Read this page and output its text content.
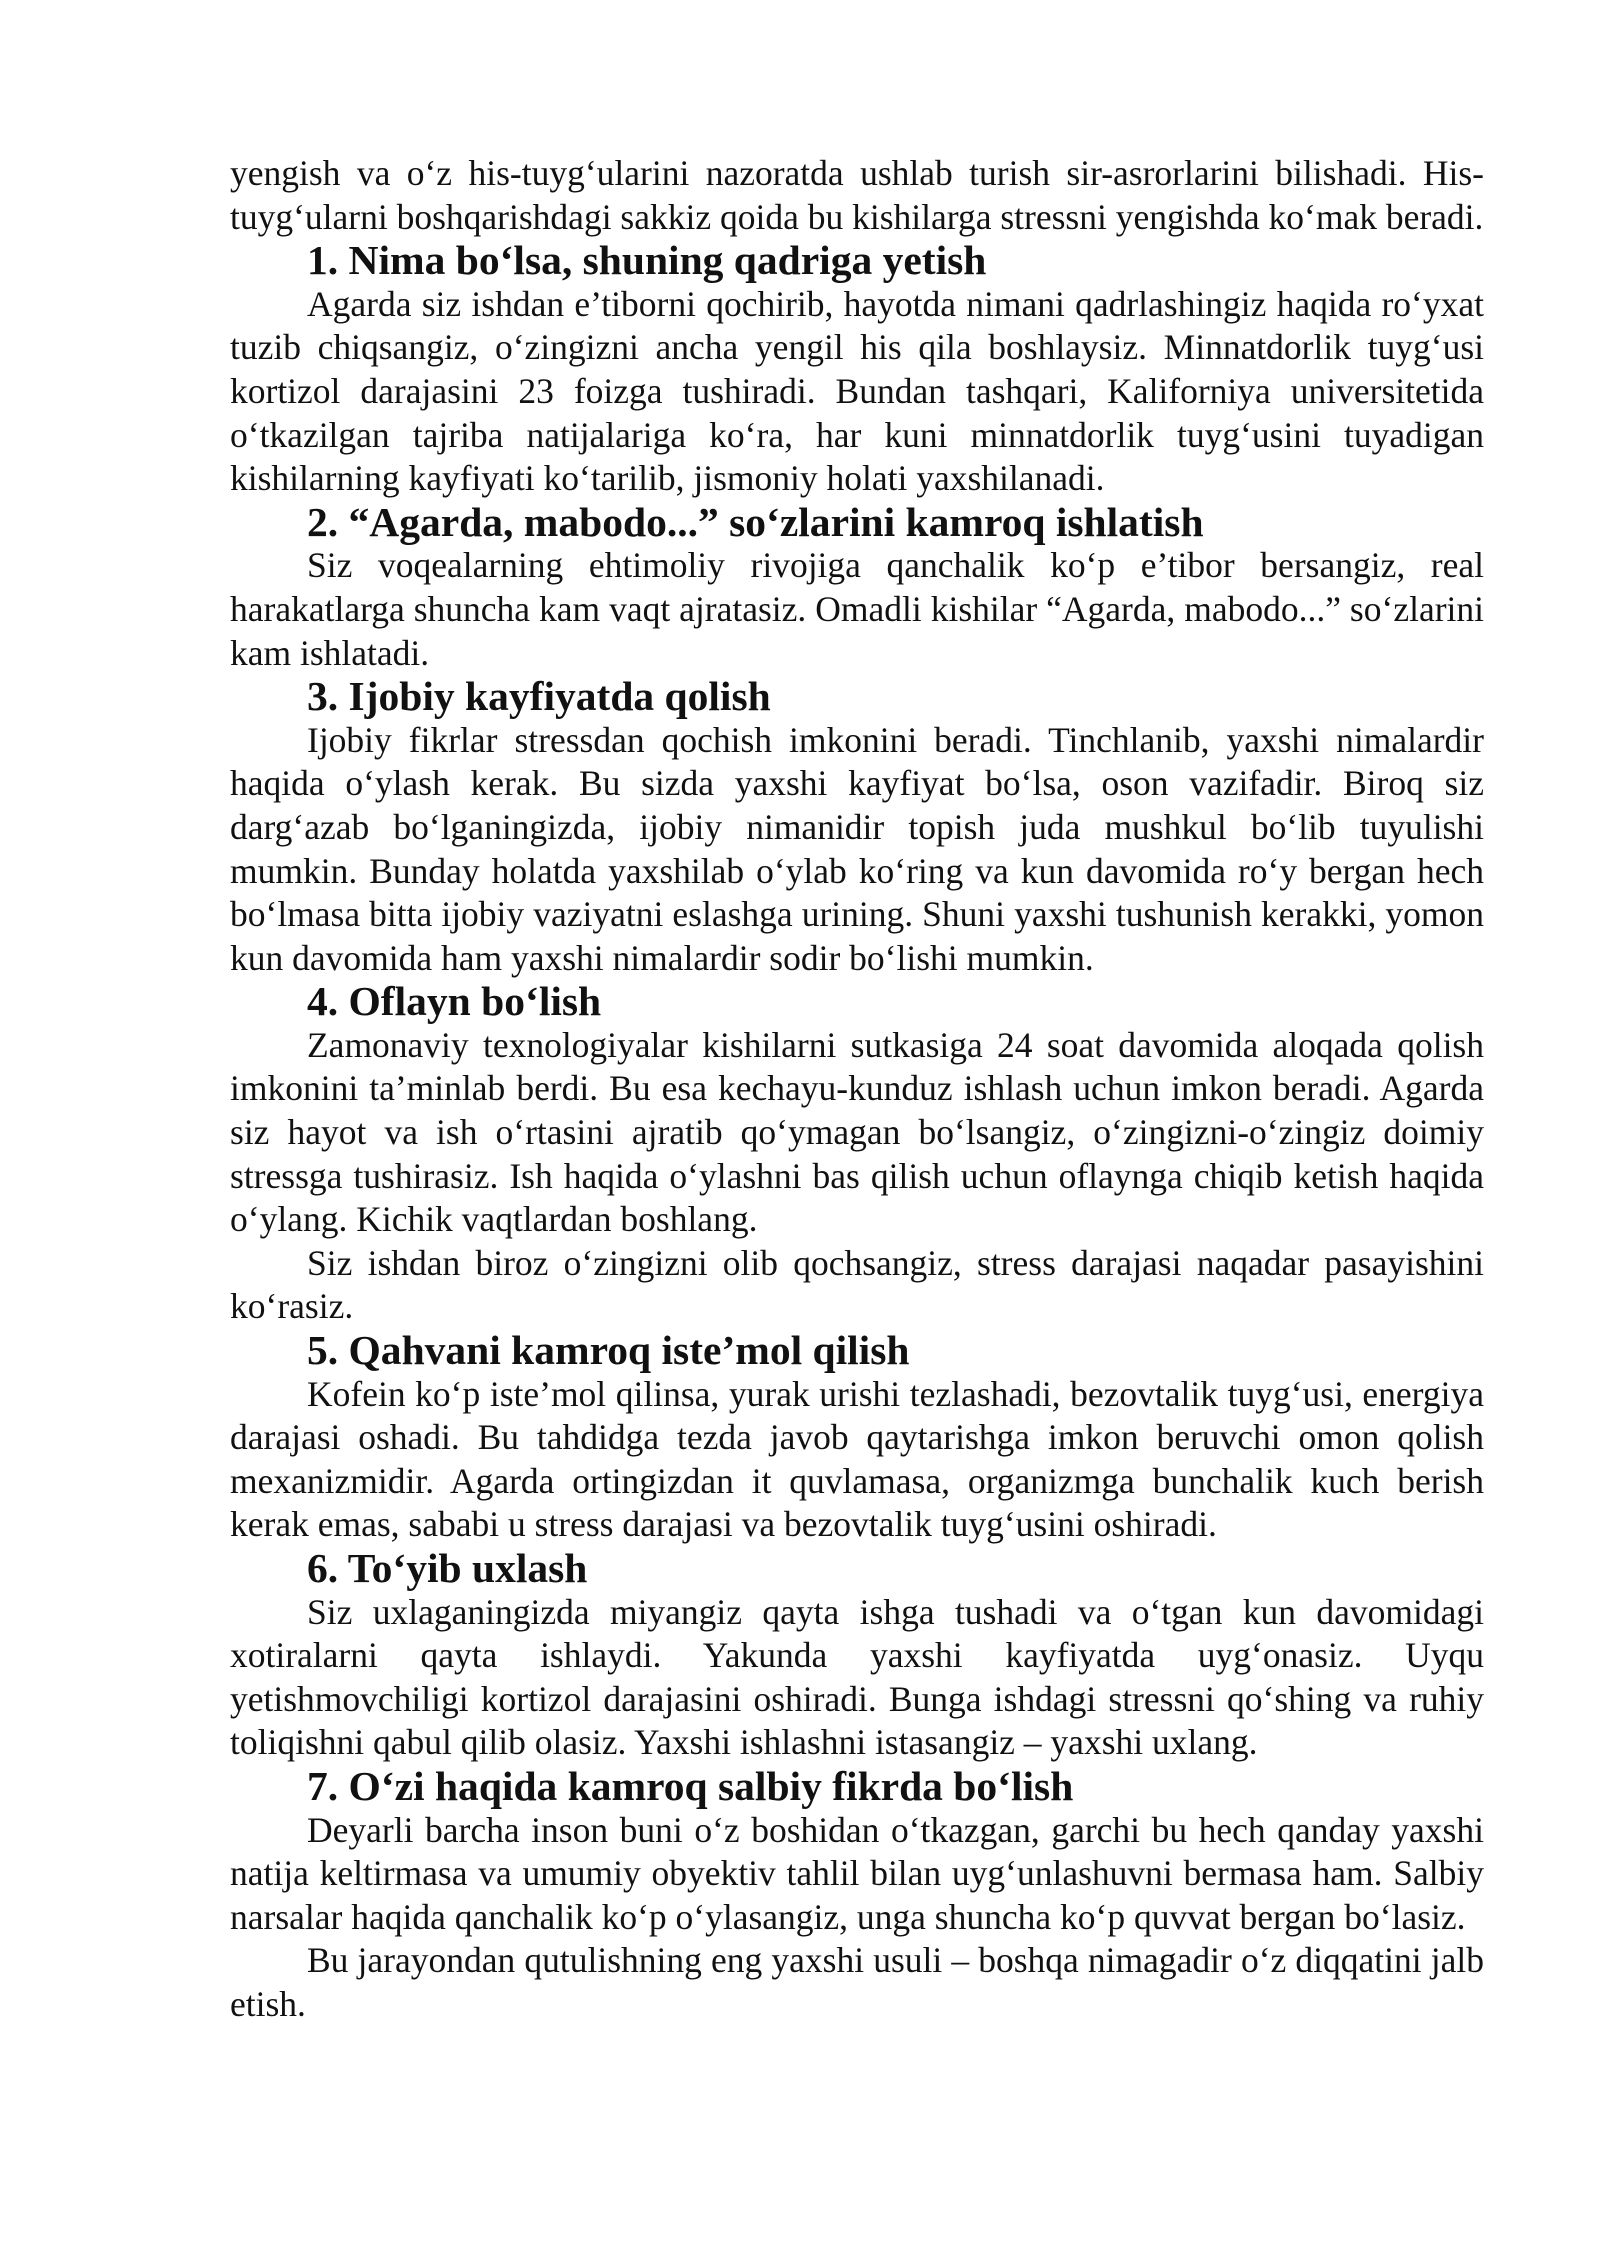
yengish va o‘z his-tuyg‘ularini nazoratda ushlab turish sir-asrorlarini bilishadi. His-tuyg‘ularni boshqarishdagi sakkiz qoida bu kishilarga stressni yengishda ko‘mak beradi.

1. Nima bo‘lsa, shuning qadriga yetish

Agarda siz ishdan e’tiborni qochirib, hayotda nimani qadrlashingiz haqida ro‘yxat tuzib chiqsangiz, o‘zingizni ancha yengil his qila boshlaysiz. Minnatdorlik tuyg‘usi kortizol darajasini 23 foizga tushiradi. Bundan tashqari, Kaliforniya universitetida o‘tkazilgan tajriba natijalariga ko‘ra, har kuni minnatdorlik tuyg‘usini tuyadigan kishilarning kayfiyati ko‘tarilib, jismoniy holati yaxshilanadi.

2. “Agarda, mabodo...” so‘zlarini kamroq ishlatish

Siz voqealarning ehtimoliy rivojiga qanchalik ko‘p e’tibor bersangiz, real harakatlarga shuncha kam vaqt ajratasiz. Omadli kishilar “Agarda, mabodo...” so‘zlarini kam ishlatadi.

3. Ijobiy kayfiyatda qolish

Ijobiy fikrlar stressdan qochish imkonini beradi. Tinchlanib, yaxshi nimalardir haqida o‘ylash kerak. Bu sizda yaxshi kayfiyat bo‘lsa, oson vazifadir. Biroq siz darg‘azab bo‘lganingizda, ijobiy nimanidir topish juda mushkul bo‘lib tuyulishi mumkin. Bunday holatda yaxshilab o‘ylab ko‘ring va kun davomida ro‘y bergan hech bo‘lmasa bitta ijobiy vaziyatni eslashga urining. Shuni yaxshi tushunish kerakki, yomon kun davomida ham yaxshi nimalardir sodir bo‘lishi mumkin.

4. Oflayn bo‘lish

Zamonaviy texnologiyalar kishilarni sutkasiga 24 soat davomida aloqada qolish imkonini ta’minlab berdi. Bu esa kechayu-kunduz ishlash uchun imkon beradi. Agarda siz hayot va ish o‘rtasini ajratib qo‘ymagan bo‘lsangiz, o‘zingizni-o‘zingiz doimiy stressga tushirasiz. Ish haqida o‘ylashni bas qilish uchun oflaynga chiqib ketish haqida o‘ylang. Kichik vaqtlardan boshlang.

Siz ishdan biroz o‘zingizni olib qochsangiz, stress darajasi naqadar pasayishini ko‘rasiz.

5. Qahvani kamroq iste’mol qilish

Kofein ko‘p iste’mol qilinsa, yurak urishi tezlashadi, bezovtalik tuyg‘usi, energiya darajasi oshadi. Bu tahdidga tezda javob qaytarishga imkon beruvchi omon qolish mexanizmidir. Agarda ortingizdan it quvlamasa, organizmga bunchalik kuch berish kerak emas, sababi u stress darajasi va bezovtalik tuyg‘usini oshiradi.

6. To‘yib uxlash

Siz uxlaganingizda miyangiz qayta ishga tushadi va o‘tgan kun davomidagi xotiralarni qayta ishlaydi. Yakunda yaxshi kayfiyatda uyg‘onasiz. Uyqu yetishmovchiligi kortizol darajasini oshiradi. Bunga ishdagi stressni qo‘shing va ruhiy toliqishni qabul qilib olasiz. Yaxshi ishlashni istasangiz – yaxshi uxlang.

7. O‘zi haqida kamroq salbiy fikrda bo‘lish

Deyarli barcha inson buni o‘z boshidan o‘tkazgan, garchi bu hech qanday yaxshi natija keltirmasa va umumiy obyektiv tahlil bilan uyg‘unlashuvni bermasa ham. Salbiy narsalar haqida qanchalik ko‘p o‘ylasangiz, unga shuncha ko‘p quvvat bergan bo‘lasiz.

Bu jarayondan qutulishning eng yaxshi usuli – boshqa nimagadir o‘z diqqatini jalb etish.
